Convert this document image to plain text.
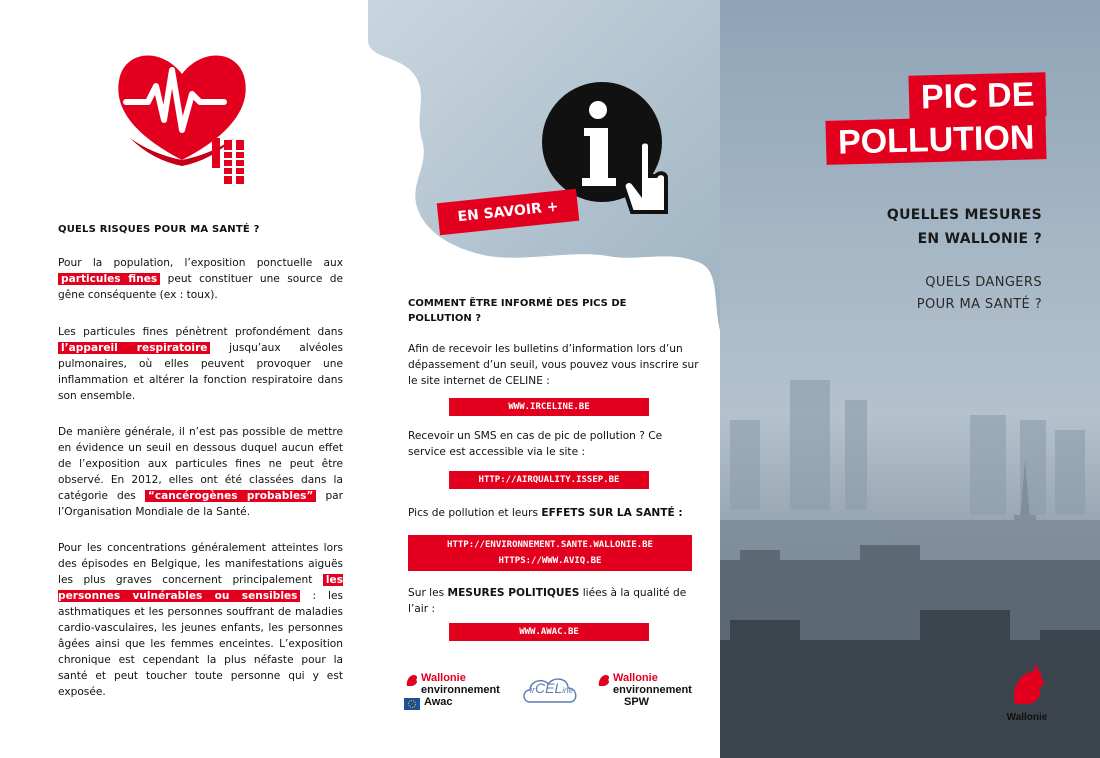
QUELS RISQUES POUR MA SANTÉ ?

Pour la population, l’exposition ponctuelle aux particules fines peut constituer une source de gêne conséquente (ex : toux).

Les particules fines pénètrent profondément dans l’appareil respiratoire jusqu’aux alvéoles pulmonaires, où elles peuvent provoquer une inflammation et altérer la fonction respiratoire dans son ensemble.

De manière générale, il n’est pas possible de mettre en évidence un seuil en dessous duquel aucun effet de l’exposition aux particules fines ne peut être observé. En 2012, elles ont été classées dans la catégorie des “cancérogènes probables” par l’Organisation Mondiale de la Santé.

Pour les concentrations généralement atteintes lors des épisodes en Belgique, les manifestations aiguës les plus graves concernent principalement les personnes vulnérables ou sensibles : les asthmatiques et les personnes souffrant de maladies cardio-vasculaires, les jeunes enfants, les personnes âgées ainsi que les femmes enceintes. L’exposition chronique est cependant la plus néfaste pour la santé et peut toucher toute personne qui y est exposée.

EN SAVOIR +
COMMENT ÊTRE INFORMÉ DES PICS DE POLLUTION ?

Afin de recevoir les bulletins d’information lors d’un dépassement d’un seuil, vous pouvez vous inscrire sur le site internet de CELINE :

WWW.IRCELINE.BE

Recevoir un SMS en cas de pic de pollution ? Ce service est accessible via le site :

HTTP://AIRQUALITY.ISSEP.BE

Pics de pollution et leurs EFFETS SUR LA SANTÉ :

HTTP://ENVIRONNEMENT.SANTE.WALLONIE.BE
HTTPS://WWW.AVIQ.BE

Sur les MESURES POLITIQUES liées à la qualité de l’air :

WWW.AWAC.BE
Wallonie
environnement
Awac
irCELine
Wallonie
environnement
SPW
PIC DE
POLLUTION
QUELLES MESURES
EN WALLONIE ?
QUELS DANGERS
POUR MA SANTÉ ?
Wallonie
